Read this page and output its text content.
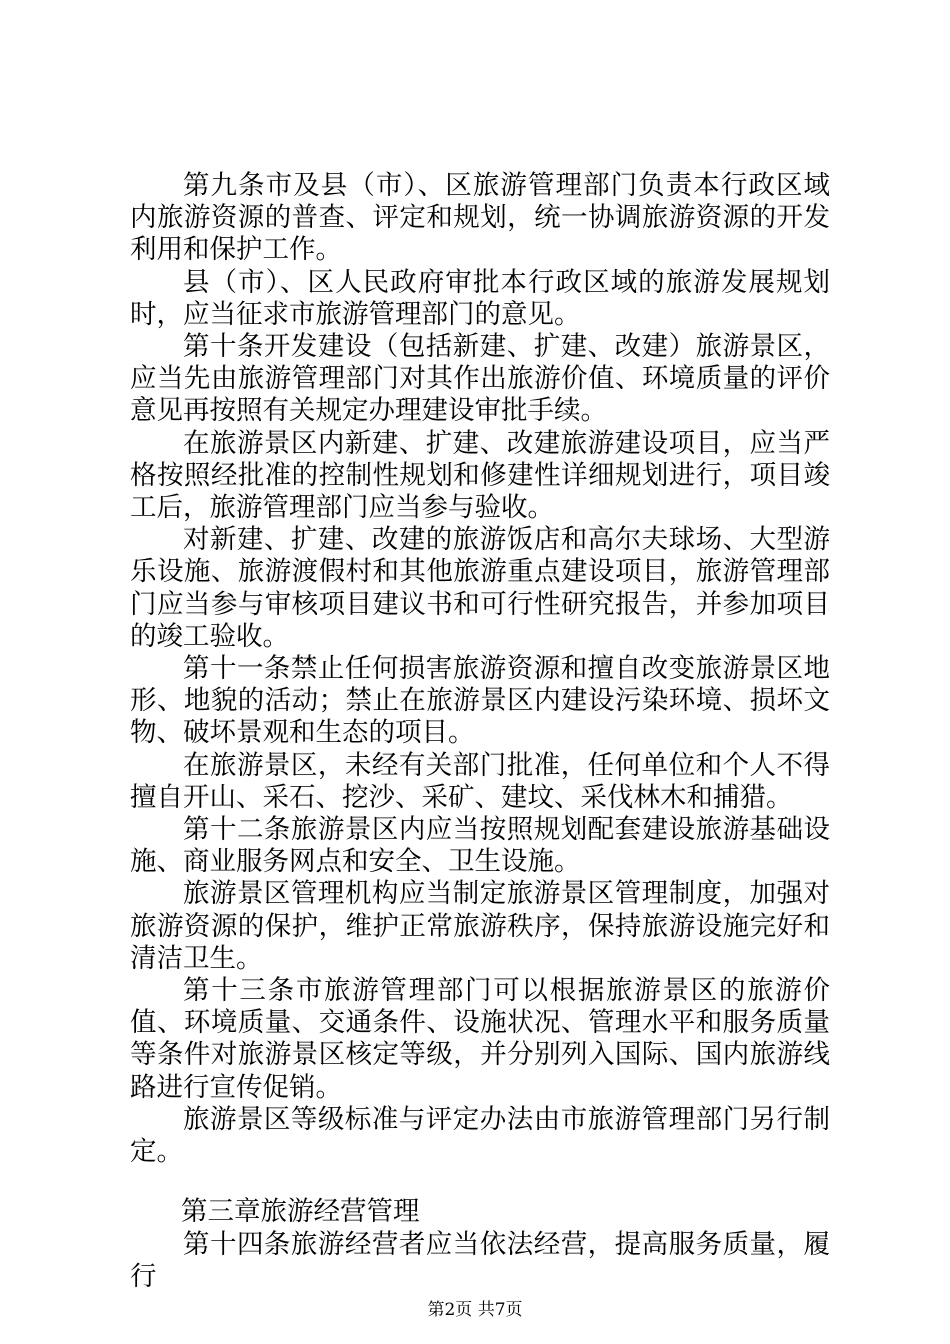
第九条市及县（市）、区旅游管理部门负责本行政区域内旅游资源的普查、评定和规划，统一协调旅游资源的开发利用和保护工作。

县（市）、区人民政府审批本行政区域的旅游发展规划时，应当征求市旅游管理部门的意见。

第十条开发建设（包括新建、扩建、改建）旅游景区，应当先由旅游管理部门对其作出旅游价值、环境质量的评价意见再按照有关规定办理建设审批手续。

在旅游景区内新建、扩建、改建旅游建设项目，应当严格按照经批准的控制性规划和修建性详细规划进行，项目竣工后，旅游管理部门应当参与验收。

对新建、扩建、改建的旅游饭店和高尔夫球场、大型游乐设施、旅游渡假村和其他旅游重点建设项目，旅游管理部门应当参与审核项目建议书和可行性研究报告，并参加项目的竣工验收。

第十一条禁止任何损害旅游资源和擅自改变旅游景区地形、地貌的活动；禁止在旅游景区内建设污染环境、损坏文物、破坏景观和生态的项目。

在旅游景区，未经有关部门批准，任何单位和个人不得擅自开山、采石、挖沙、采矿、建坟、采伐林木和捕猎。

第十二条旅游景区内应当按照规划配套建设旅游基础设施、商业服务网点和安全、卫生设施。

旅游景区管理机构应当制定旅游景区管理制度，加强对旅游资源的保护，维护正常旅游秩序，保持旅游设施完好和清洁卫生。

第十三条市旅游管理部门可以根据旅游景区的旅游价值、环境质量、交通条件、设施状况、管理水平和服务质量等条件对旅游景区核定等级，并分别列入国际、国内旅游线路进行宣传促销。

旅游景区等级标准与评定办法由市旅游管理部门另行制定。

第三章旅游经营管理

第十四条旅游经营者应当依法经营，提高服务质量，履行

第2页 共7页
